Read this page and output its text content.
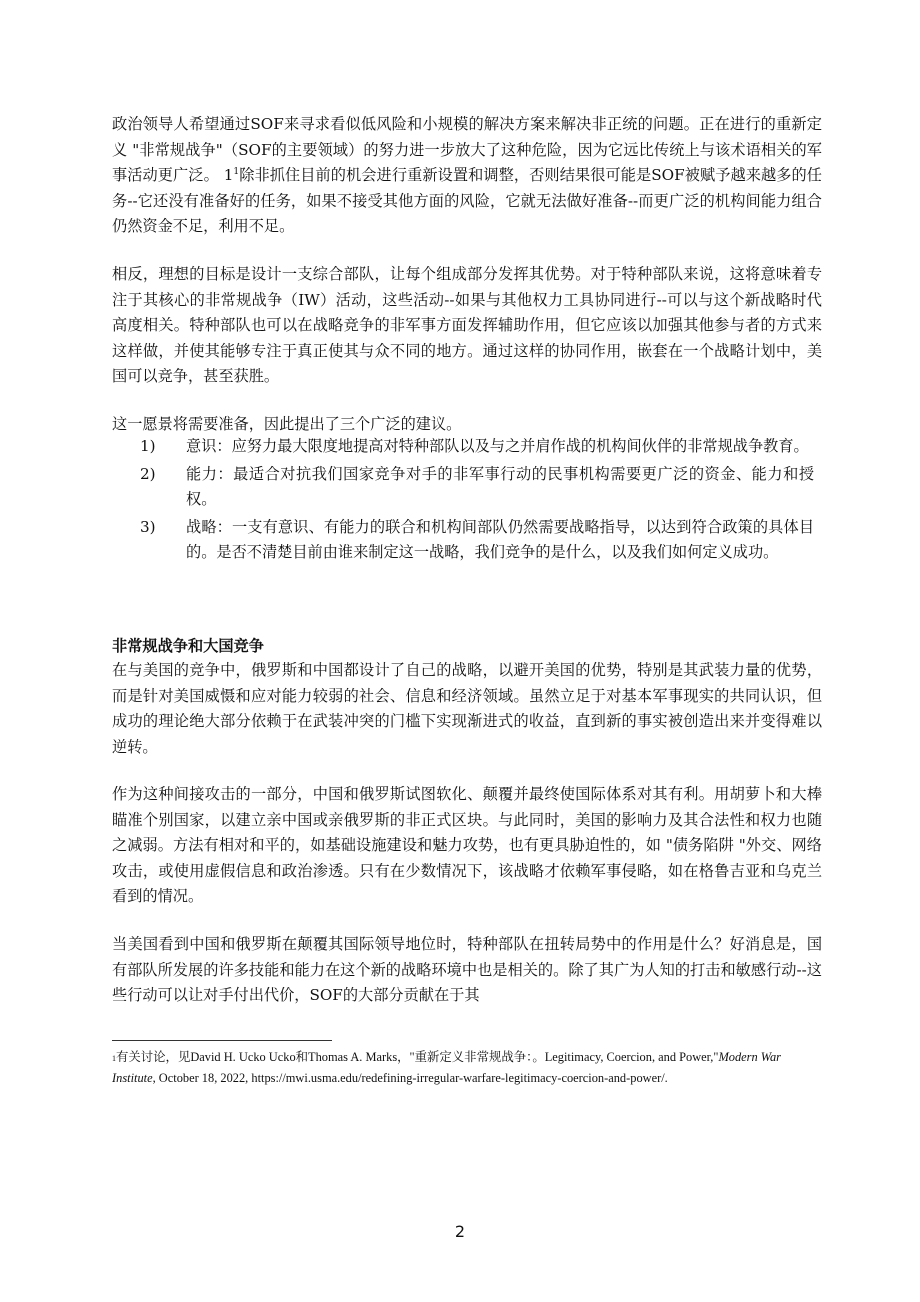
政治领导人希望通过SOF来寻求看似低风险和小规模的解决方案来解决非正统的问题。正在进行的重新定义 "非常规战争"（SOF的主要领域）的努力进一步放大了这种危险，因为它远比传统上与该术语相关的军事活动更广泛。 $1^1$除非抓住目前的机会进行重新设置和调整，否则结果很可能是SOF被赋予越来越多的任务--它还没有准备好的任务，如果不接受其他方面的风险，它就无法做好准备--而更广泛的机构间能力组合仍然资金不足，利用不足。

相反，理想的目标是设计一支综合部队，让每个组成部分发挥其优势。对于特种部队来说，这将意味着专注于其核心的非常规战争（IW）活动，这些活动--如果与其他权力工具协同进行--可以与这个新战略时代高度相关。特种部队也可以在战略竞争的非军事方面发挥辅助作用，但它应该以加强其他参与者的方式来这样做，并使其能够专注于真正使其与众不同的地方。通过这样的协同作用，嵌套在一个战略计划中，美国可以竞争，甚至获胜。

这一愿景将需要准备，因此提出了三个广泛的建议。

1)	意识：应努力最大限度地提高对特种部队以及与之并肩作战的机构间伙伴的非常规战争教育。
2)	能力：最适合对抗我们国家竞争对手的非军事行动的民事机构需要更广泛的资金、能力和授权。
3)	战略：一支有意识、有能力的联合和机构间部队仍然需要战略指导，以达到符合政策的具体目的。是否不清楚目前由谁来制定这一战略，我们竞争的是什么，以及我们如何定义成功。
非常规战争和大国竞争

在与美国的竞争中，俄罗斯和中国都设计了自己的战略，以避开美国的优势，特别是其武装力量的优势，而是针对美国威慑和应对能力较弱的社会、信息和经济领域。虽然立足于对基本军事现实的共同认识，但成功的理论绝大部分依赖于在武装冲突的门槛下实现渐进式的收益，直到新的事实被创造出来并变得难以逆转。

作为这种间接攻击的一部分，中国和俄罗斯试图软化、颠覆并最终使国际体系对其有利。用胡萝卜和大棒瞄准个别国家，以建立亲中国或亲俄罗斯的非正式区块。与此同时，美国的影响力及其合法性和权力也随之减弱。方法有相对和平的，如基础设施建设和魅力攻势，也有更具胁迫性的，如 "债务陷阱 "外交、网络攻击，或使用虚假信息和政治渗透。只有在少数情况下，该战略才依赖军事侵略，如在格鲁吉亚和乌克兰看到的情况。

当美国看到中国和俄罗斯在颠覆其国际领导地位时，特种部队在扭转局势中的作用是什么？好消息是，国有部队所发展的许多技能和能力在这个新的战略环境中也是相关的。除了其广为人知的打击和敏感行动--这些行动可以让对手付出代价，SOF的大部分贡献在于其

1有关讨论，见David H. Ucko Ucko和Thomas A. Marks，"重新定义非常规战争：。Legitimacy, Coercion, and Power,"Modern War Institute, October 18, 2022, https://mwi.usma.edu/redefining-irregular-warfare-legitimacy-coercion-and-power/.

2
